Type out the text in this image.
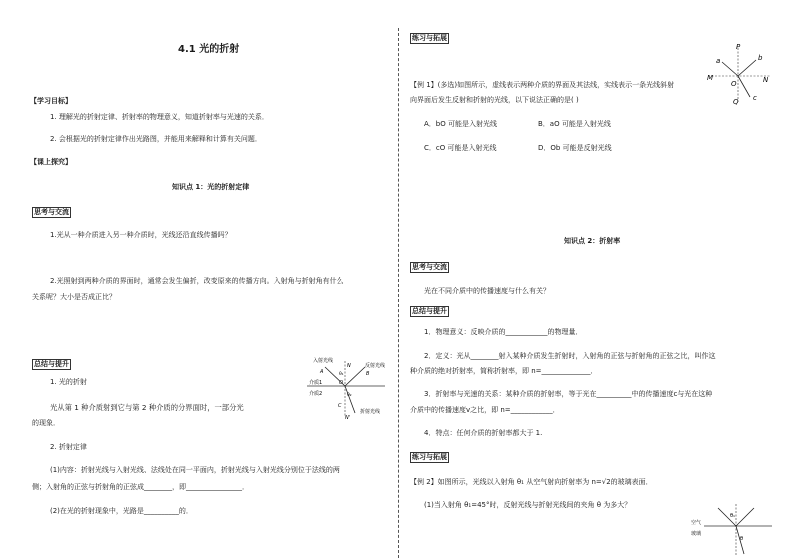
4.1 光的折射
【学习目标】
1. 理解光的折射定律、折射率的物理意义，知道折射率与光速的关系．
2. 会根据光的折射定律作出光路图，并能用来解释和计算有关问题．
【课上探究】
知识点 1：光的折射定律
思考与交流
1.光从一种介质进入另一种介质时，光线还沿直线传播吗？
2.光照射到两种介质的界面时，通常会发生偏折，改变原来的传播方向。入射角与折射角有什么
关系呢？大小是否成正比？
总结与提升
1. 光的折射
光从第 1 种介质射到它与第 2 种介质的分界面时，一部分光
的现象．
2. 折射定律
(1)内容：折射光线与入射光线、法线处在同一平面内，折射光线与入射光线分别位于法线的两
侧；入射角的正弦与折射角的正弦成________，即________________．
(2)在光的折射现象中，光路是__________的．
入射光线
反射光线
折射光线
介质1
介质2
A
N
B
O
C
N'
θ₁
θ₂
练习与拓展
【例 1】(多选)如图所示，虚线表示两种介质的界面及其法线，实线表示一条光线斜射
向界面后发生反射和折射的光线，以下说法正确的是( )
A．bO 可能是入射光线	B．aO 可能是入射光线
C．cO 可能是入射光线	D．Ob 可能是反射光线
P
M	N
O
Q
a	b
c
知识点 2：折射率
思考与交流
光在不同介质中的传播速度与什么有关？
总结与提升
1．物理意义：反映介质的____________的物理量．
2．定义：光从________射入某种介质发生折射时，入射角的正弦与折射角的正弦之比，叫作这
种介质的绝对折射率，简称折射率，即 n=______________．
3．折射率与光速的关系：某种介质的折射率，等于光在__________中的传播速度c与光在这种
介质中的传播速度v之比，即 n=____________．
4．特点：任何介质的折射率都大于 1.
练习与拓展
【例 2】如图所示，光线以入射角 θ₁ 从空气射向折射率为 n=√2的玻璃表面．
(1)当入射角 θ₁=45°时，反射光线与折射光线间的夹角 θ 为多大？
空气
玻璃
θ₁
θ
